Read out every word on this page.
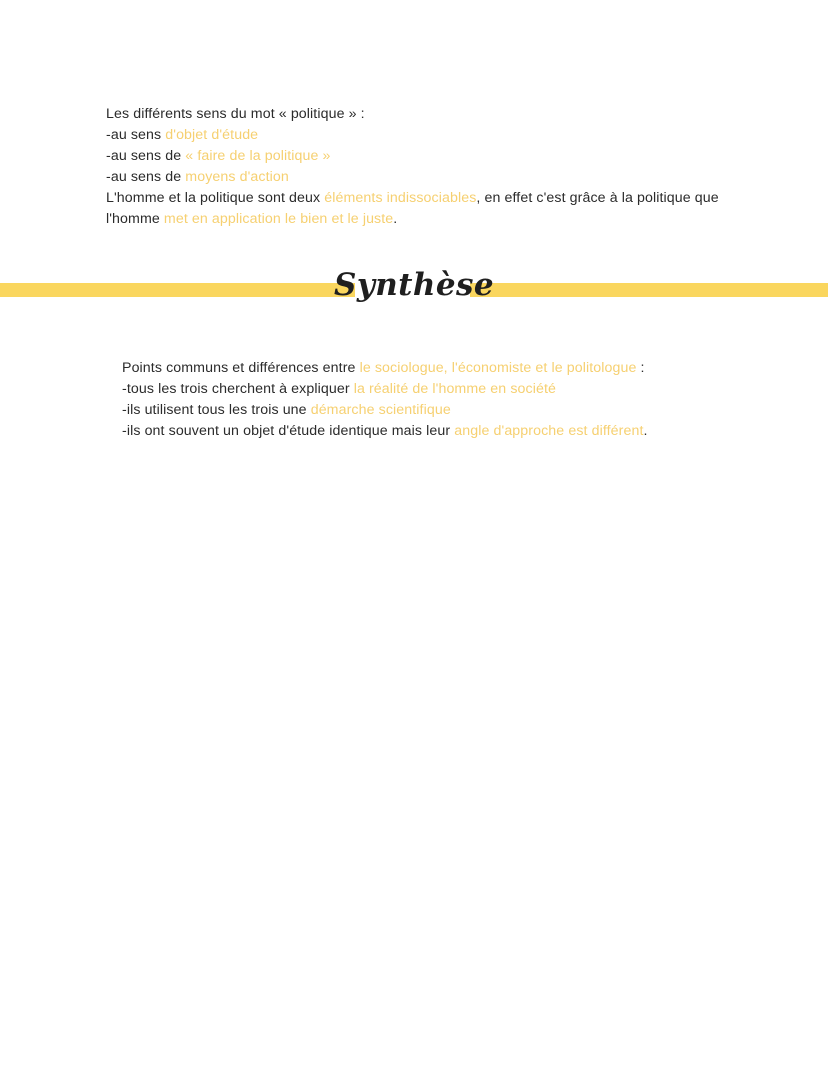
Les différents sens du mot « politique » :

-au sens d'objet d'étude

-au sens de « faire de la politique »

-au sens de moyens d'action

L'homme et la politique sont deux éléments indissociables, en effet c'est grâce à la politique que l'homme met en application le bien et le juste.

Synthèse

Points communs et différences entre le sociologue, l'économiste et le politologue :

-tous les trois cherchent à expliquer la réalité de l'homme en société

-ils utilisent tous les trois une démarche scientifique

-ils ont souvent un objet d'étude identique mais leur angle d'approche est différent.
